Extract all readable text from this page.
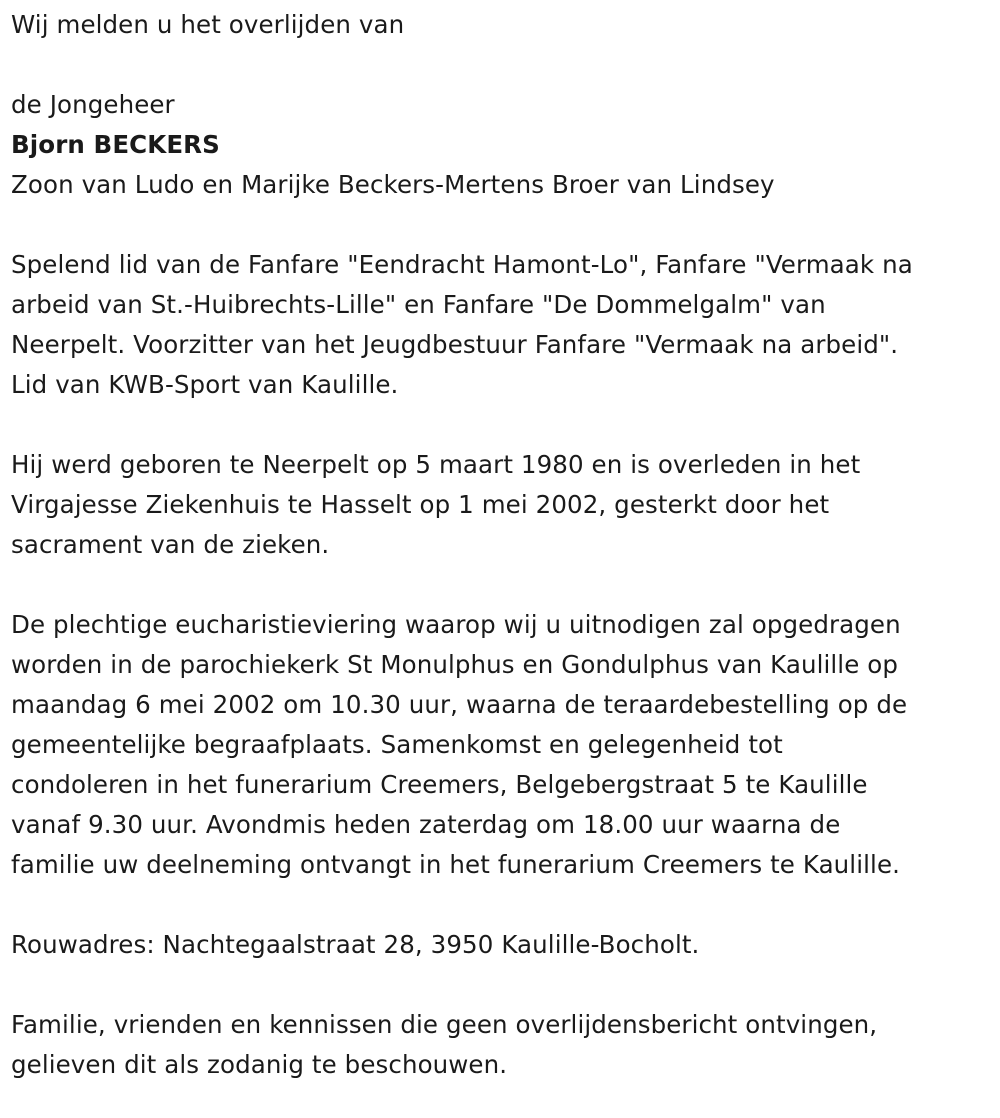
Wij melden u het overlijden van

de Jongeheer

Bjorn BECKERS

Zoon van Ludo en Marijke Beckers-Mertens Broer van Lindsey

Spelend lid van de Fanfare "Eendracht Hamont-Lo", Fanfare "Vermaak na
arbeid van St.-Huibrechts-Lille" en Fanfare "De Dommelgalm" van
Neerpelt. Voorzitter van het Jeugdbestuur Fanfare "Vermaak na arbeid".
Lid van KWB-Sport van Kaulille.

Hij werd geboren te Neerpelt op 5 maart 1980 en is overleden in het
Virgajesse Ziekenhuis te Hasselt op 1 mei 2002, gesterkt door het
sacrament van de zieken.

De plechtige eucharistieviering waarop wij u uitnodigen zal opgedragen
worden in de parochiekerk St Monulphus en Gondulphus van Kaulille op
maandag 6 mei 2002 om 10.30 uur, waarna de teraardebestelling op de
gemeentelijke begraafplaats. Samenkomst en gelegenheid tot
condoleren in het funerarium Creemers, Belgebergstraat 5 te Kaulille
vanaf 9.30 uur. Avondmis heden zaterdag om 18.00 uur waarna de
familie uw deelneming ontvangt in het funerarium Creemers te Kaulille.

Rouwadres: Nachtegaalstraat 28, 3950 Kaulille-Bocholt.

Familie, vrienden en kennissen die geen overlijdensbericht ontvingen,
gelieven dit als zodanig te beschouwen.
